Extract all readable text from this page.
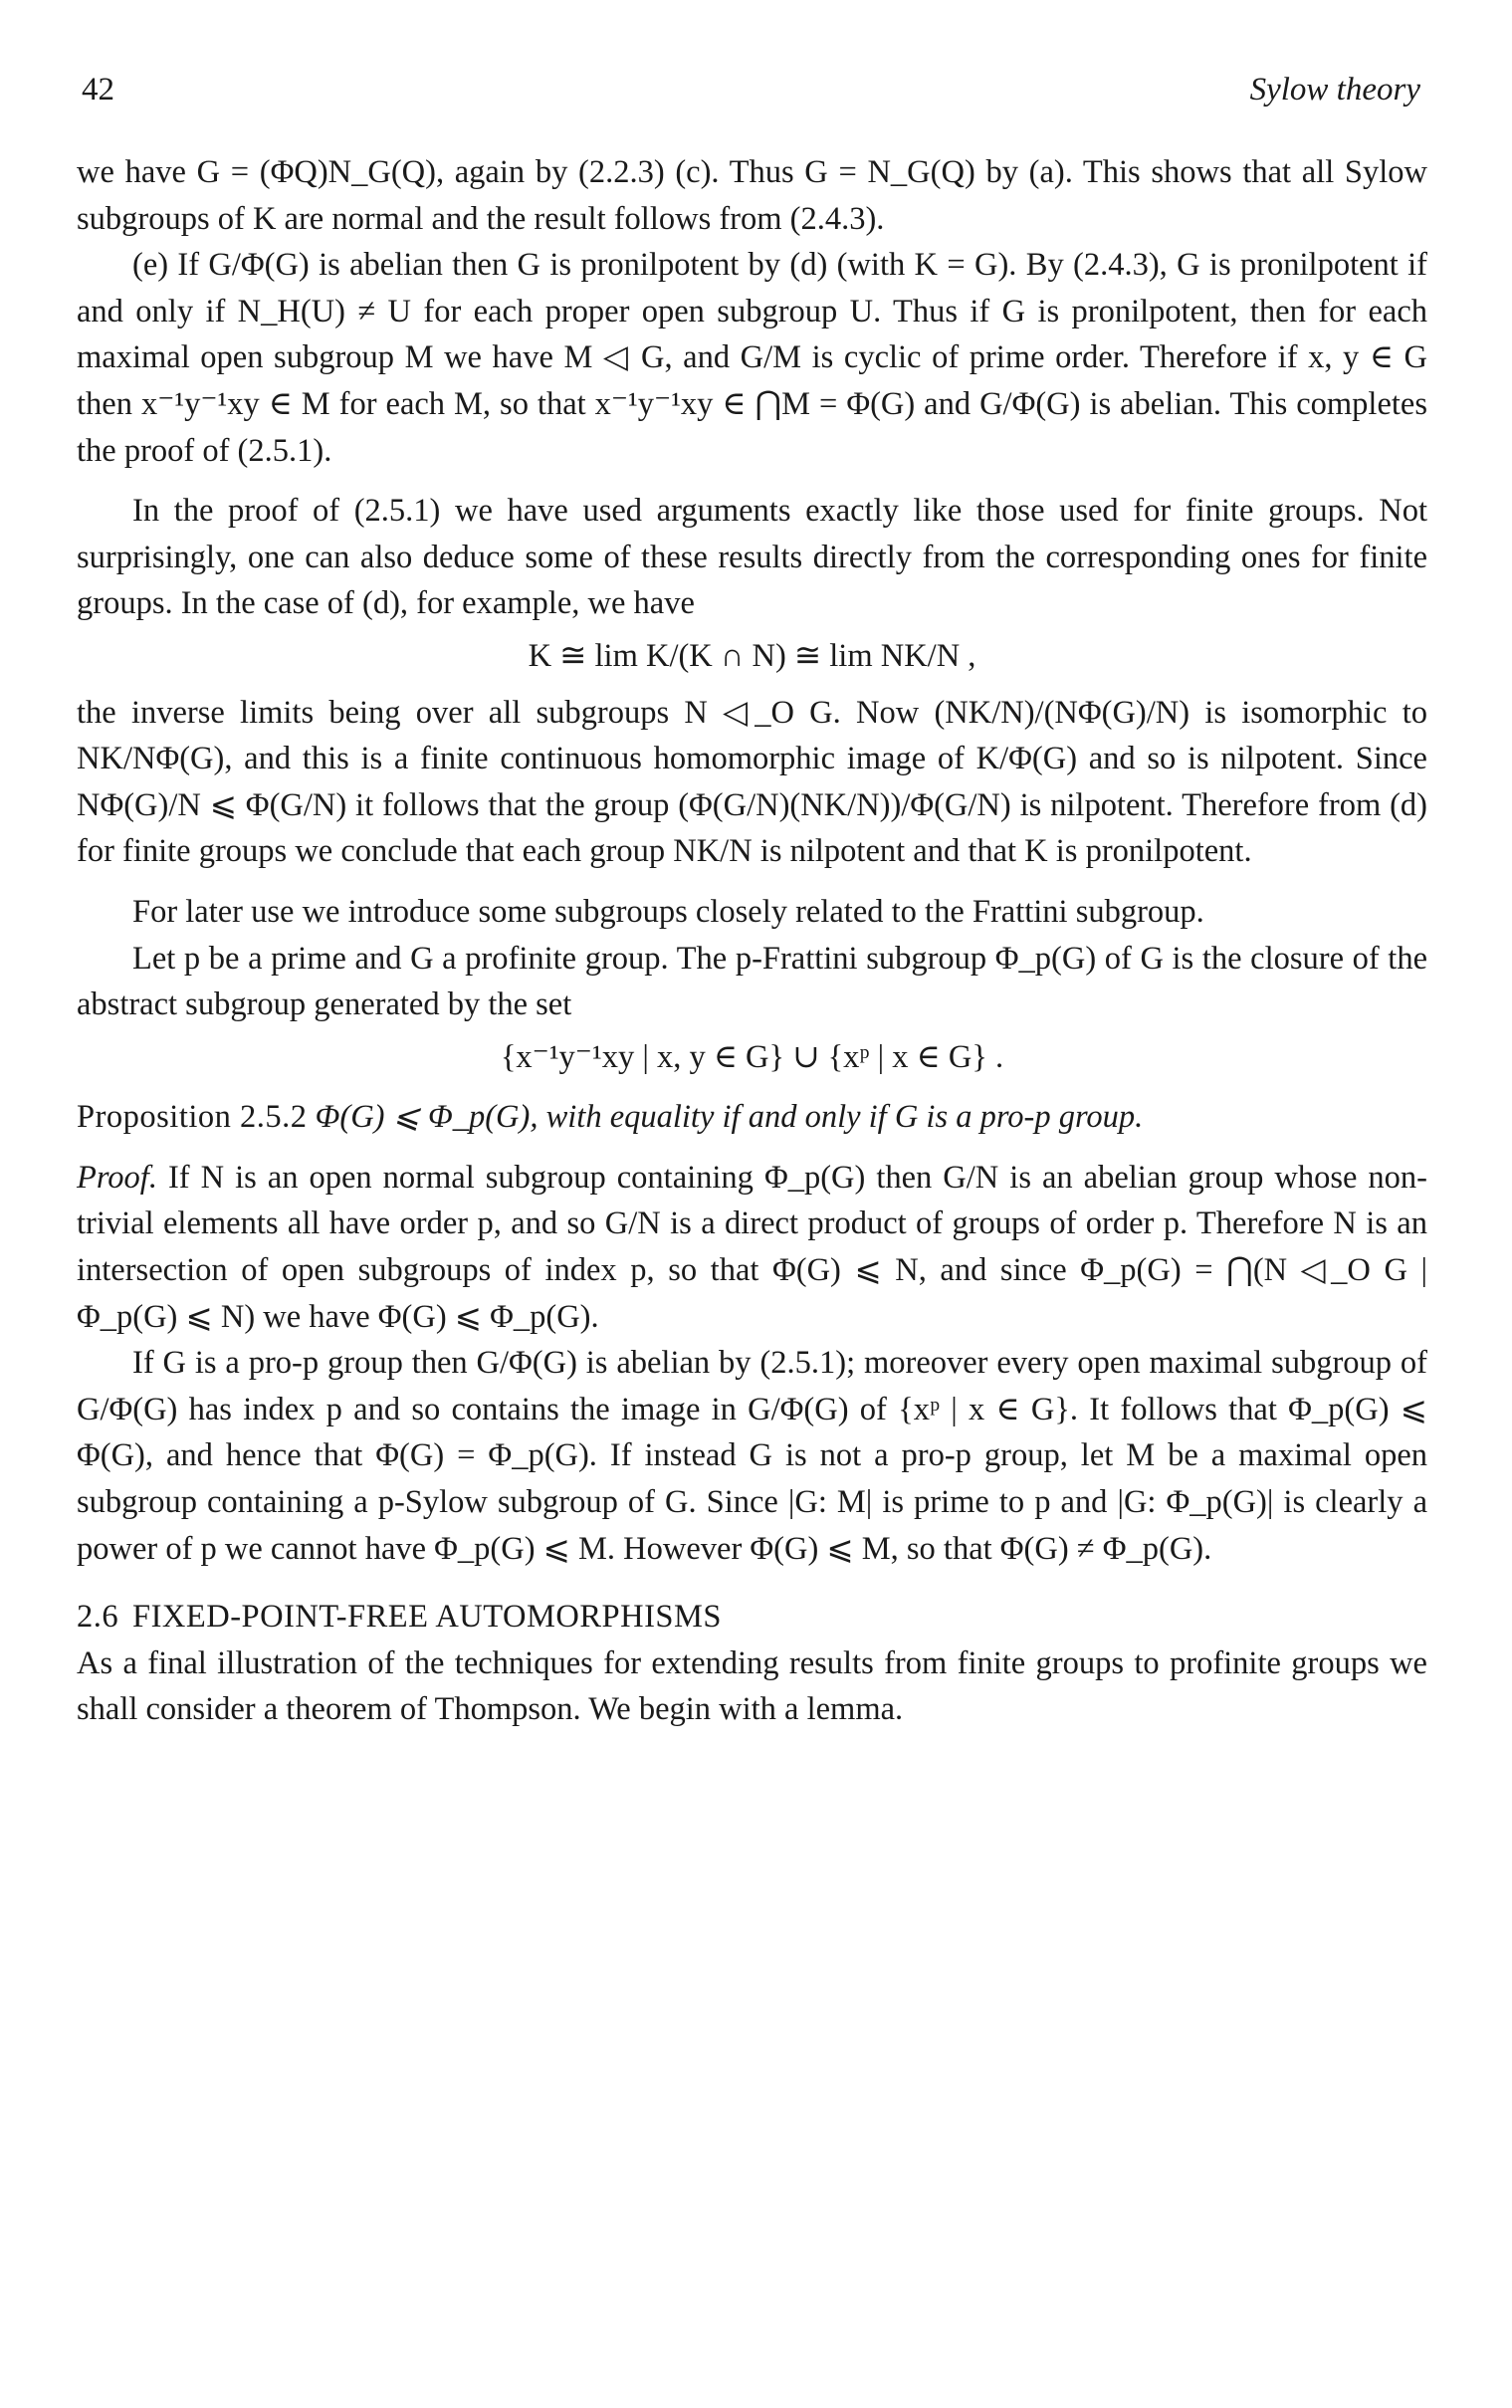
42	Sylow theory

we have G = (ΦQ)N_G(Q), again by (2.2.3) (c). Thus G = N_G(Q) by (a). This shows that all Sylow subgroups of K are normal and the result follows from (2.4.3).

(e) If G/Φ(G) is abelian then G is pronilpotent by (d) (with K = G). By (2.4.3), G is pronilpotent if and only if N_H(U) ≠ U for each proper open subgroup U. Thus if G is pronilpotent, then for each maximal open subgroup M we have M ◁ G, and G/M is cyclic of prime order. Therefore if x, y ∈ G then x⁻¹y⁻¹xy ∈ M for each M, so that x⁻¹y⁻¹xy ∈ ⋂M = Φ(G) and G/Φ(G) is abelian. This completes the proof of (2.5.1).

In the proof of (2.5.1) we have used arguments exactly like those used for finite groups. Not surprisingly, one can also deduce some of these results directly from the corresponding ones for finite groups. In the case of (d), for example, we have

K ≅ lim K/(K ∩ N) ≅ lim NK/N ,

the inverse limits being over all subgroups N ◁_O G. Now (NK/N)/(NΦ(G)/N) is isomorphic to NK/NΦ(G), and this is a finite continuous homomorphic image of K/Φ(G) and so is nilpotent. Since NΦ(G)/N ⩽ Φ(G/N) it follows that the group (Φ(G/N)(NK/N))/Φ(G/N) is nilpotent. Therefore from (d) for finite groups we conclude that each group NK/N is nilpotent and that K is pronilpotent.

For later use we introduce some subgroups closely related to the Frattini subgroup.

Let p be a prime and G a profinite group. The p-Frattini subgroup Φ_p(G) of G is the closure of the abstract subgroup generated by the set

{x⁻¹y⁻¹xy | x, y ∈ G} ∪ {xᵖ | x ∈ G} .
Proposition 2.5.2 Φ(G) ⩽ Φ_p(G), with equality if and only if G is a pro-p group.

Proof. If N is an open normal subgroup containing Φ_p(G) then G/N is an abelian group whose non-trivial elements all have order p, and so G/N is a direct product of groups of order p. Therefore N is an intersection of open subgroups of index p, so that Φ(G) ⩽ N, and since Φ_p(G) = ⋂(N ◁_O G | Φ_p(G) ⩽ N) we have Φ(G) ⩽ Φ_p(G).

If G is a pro-p group then G/Φ(G) is abelian by (2.5.1); moreover every open maximal subgroup of G/Φ(G) has index p and so contains the image in G/Φ(G) of {xᵖ | x ∈ G}. It follows that Φ_p(G) ⩽ Φ(G), and hence that Φ(G) = Φ_p(G). If instead G is not a pro-p group, let M be a maximal open subgroup containing a p-Sylow subgroup of G. Since |G: M| is prime to p and |G: Φ_p(G)| is clearly a power of p we cannot have Φ_p(G) ⩽ M. However Φ(G) ⩽ M, so that Φ(G) ≠ Φ_p(G).

2.6 FIXED-POINT-FREE AUTOMORPHISMS

As a final illustration of the techniques for extending results from finite groups to profinite groups we shall consider a theorem of Thompson. We begin with a lemma.
